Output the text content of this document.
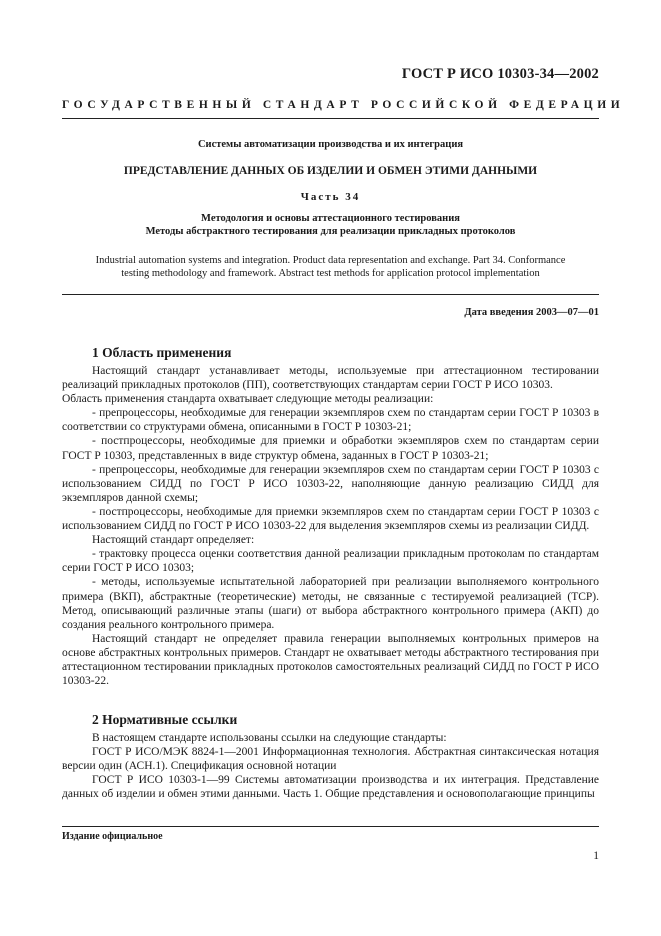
ГОСТ Р ИСО 10303-34—2002
ГОСУДАРСТВЕННЫЙ СТАНДАРТ РОССИЙСКОЙ ФЕДЕРАЦИИ
Системы автоматизации производства и их интеграция
ПРЕДСТАВЛЕНИЕ ДАННЫХ ОБ ИЗДЕЛИИ И ОБМЕН ЭТИМИ ДАННЫМИ
Часть 34
Методология и основы аттестационного тестирования
Методы абстрактного тестирования для реализации прикладных протоколов
Industrial automation systems and integration. Product data representation and exchange. Part 34. Conformance
testing methodology and framework. Abstract test methods for application protocol implementation
Дата введения 2003—07—01
1 Область применения

Настоящий стандарт устанавливает методы, используемые при аттестационном тестировании реализаций прикладных протоколов (ПП), соответствующих стандартам серии ГОСТ Р ИСО 10303.

Область применения стандарта охватывает следующие методы реализации:

- препроцессоры, необходимые для генерации экземпляров схем по стандартам серии ГОСТ Р 10303 в соответствии со структурами обмена, описанными в ГОСТ Р 10303-21;

- постпроцессоры, необходимые для приемки и обработки экземпляров схем по стандартам серии ГОСТ Р 10303, представленных в виде структур обмена, заданных в ГОСТ Р 10303-21;

- препроцессоры, необходимые для генерации экземпляров схем по стандартам серии ГОСТ Р 10303 с использованием СИДД по ГОСТ Р ИСО 10303-22, наполняющие данную реализацию СИДД для экземпляров данной схемы;

- постпроцессоры, необходимые для приемки экземпляров схем по стандартам серии ГОСТ Р 10303 с использованием СИДД по ГОСТ Р ИСО 10303-22 для выделения экземпляров схемы из реализации СИДД.

Настоящий стандарт определяет:

- трактовку процесса оценки соответствия данной реализации прикладным протоколам по стандартам серии ГОСТ Р ИСО 10303;

- методы, используемые испытательной лабораторией при реализации выполняемого контрольного примера (ВКП), абстрактные (теоретические) методы, не связанные с тестируемой реализацией (ТСР). Метод, описывающий различные этапы (шаги) от выбора абстрактного контрольного примера (АКП) до создания реального контрольного примера.

Настоящий стандарт не определяет правила генерации выполняемых контрольных примеров на основе абстрактных контрольных примеров. Стандарт не охватывает методы абстрактного тестирования при аттестационном тестировании прикладных протоколов самостоятельных реализаций СИДД по ГОСТ Р ИСО 10303-22.

2 Нормативные ссылки

В настоящем стандарте использованы ссылки на следующие стандарты:

ГОСТ Р ИСО/МЭК 8824-1—2001 Информационная технология. Абстрактная синтаксическая нотация версии один (АСН.1). Спецификация основной нотации

ГОСТ Р ИСО 10303-1—99 Системы автоматизации производства и их интеграция. Представление данных об изделии и обмен этими данными. Часть 1. Общие представления и основополагающие принципы

Издание официальное
1
